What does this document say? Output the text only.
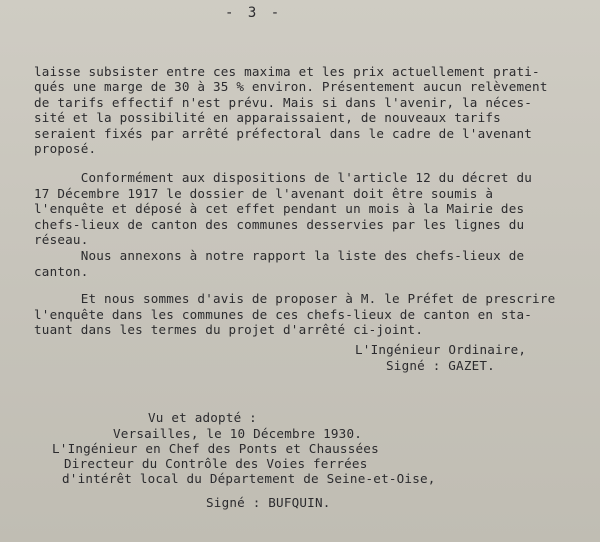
- 3 -
laisse subsister entre ces maxima et les prix actuellement prati-
qués une marge de 30 à 35 % environ. Présentement aucun relèvement
de tarifs effectif n'est prévu. Mais si dans l'avenir, la néces-
sité et la possibilité en apparaissaient, de nouveaux tarifs
seraient fixés par arrêté préfectoral dans le cadre de l'avenant
proposé.
Conformément aux dispositions de l'article 12 du décret du
17 Décembre 1917 le dossier de l'avenant doit être soumis à
l'enquête et déposé à cet effet pendant un mois à la Mairie des
chefs-lieux de canton des communes desservies par les lignes du
réseau.
Nous annexons à notre rapport la liste des chefs-lieux de
canton.
Et nous sommes d'avis de proposer à M. le Préfet de prescrire
l'enquête dans les communes de ces chefs-lieux de canton en sta-
tuant dans les termes du projet d'arrêté ci-joint.
L'Ingénieur Ordinaire,
Signé : GAZET.
Vu et adopté :
Versailles, le 10 Décembre 1930.
L'Ingénieur en Chef des Ponts et Chaussées
Directeur du Contrôle des Voies ferrées
d'intérêt local du Département de Seine-et-Oise,
Signé : BUFQUIN.
